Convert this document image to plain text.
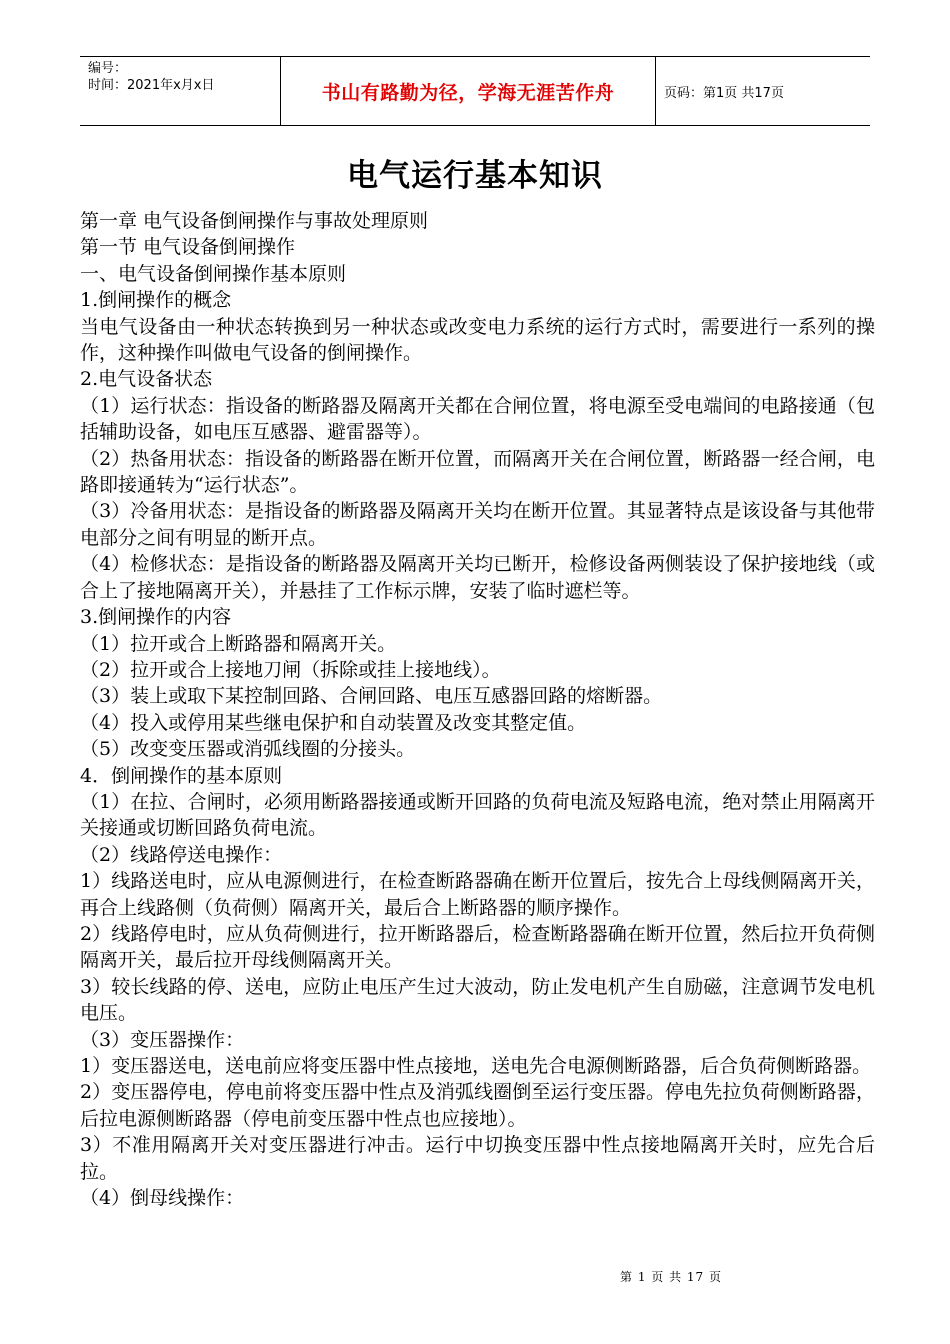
编号：
时间：2021年x月x日	书山有路勤为径，学海无涯苦作舟	页码：第1页 共17页
电气运行基本知识

第一章 电气设备倒闸操作与事故处理原则

第一节 电气设备倒闸操作

一、电气设备倒闸操作基本原则

1.倒闸操作的概念

当电气设备由一种状态转换到另一种状态或改变电力系统的运行方式时，需要进行一系列的操作，这种操作叫做电气设备的倒闸操作。

2.电气设备状态

（1）运行状态：指设备的断路器及隔离开关都在合闸位置，将电源至受电端间的电路接通（包括辅助设备，如电压互感器、避雷器等）。

（2）热备用状态：指设备的断路器在断开位置，而隔离开关在合闸位置，断路器一经合闸，电路即接通转为“运行状态”。

（3）冷备用状态：是指设备的断路器及隔离开关均在断开位置。其显著特点是该设备与其他带电部分之间有明显的断开点。

（4）检修状态：是指设备的断路器及隔离开关均已断开，检修设备两侧装设了保护接地线（或合上了接地隔离开关），并悬挂了工作标示牌，安装了临时遮栏等。

3.倒闸操作的内容

（1）拉开或合上断路器和隔离开关。

（2）拉开或合上接地刀闸（拆除或挂上接地线）。

（3）装上或取下某控制回路、合闸回路、电压互感器回路的熔断器。

（4）投入或停用某些继电保护和自动装置及改变其整定值。

（5）改变变压器或消弧线圈的分接头。

4．倒闸操作的基本原则

（1）在拉、合闸时，必须用断路器接通或断开回路的负荷电流及短路电流，绝对禁止用隔离开关接通或切断回路负荷电流。

（2）线路停送电操作：

1）线路送电时，应从电源侧进行，在检查断路器确在断开位置后，按先合上母线侧隔离开关，再合上线路侧（负荷侧）隔离开关，最后合上断路器的顺序操作。

2）线路停电时，应从负荷侧进行，拉开断路器后，检查断路器确在断开位置，然后拉开负荷侧隔离开关，最后拉开母线侧隔离开关。

3）较长线路的停、送电，应防止电压产生过大波动，防止发电机产生自励磁，注意调节发电机电压。

（3）变压器操作：

1）变压器送电，送电前应将变压器中性点接地，送电先合电源侧断路器，后合负荷侧断路器。

2）变压器停电，停电前将变压器中性点及消弧线圈倒至运行变压器。停电先拉负荷侧断路器，后拉电源侧断路器（停电前变压器中性点也应接地）。

3）不准用隔离开关对变压器进行冲击。运行中切换变压器中性点接地隔离开关时，应先合后拉。

（4）倒母线操作：

第 1 页 共 17 页
